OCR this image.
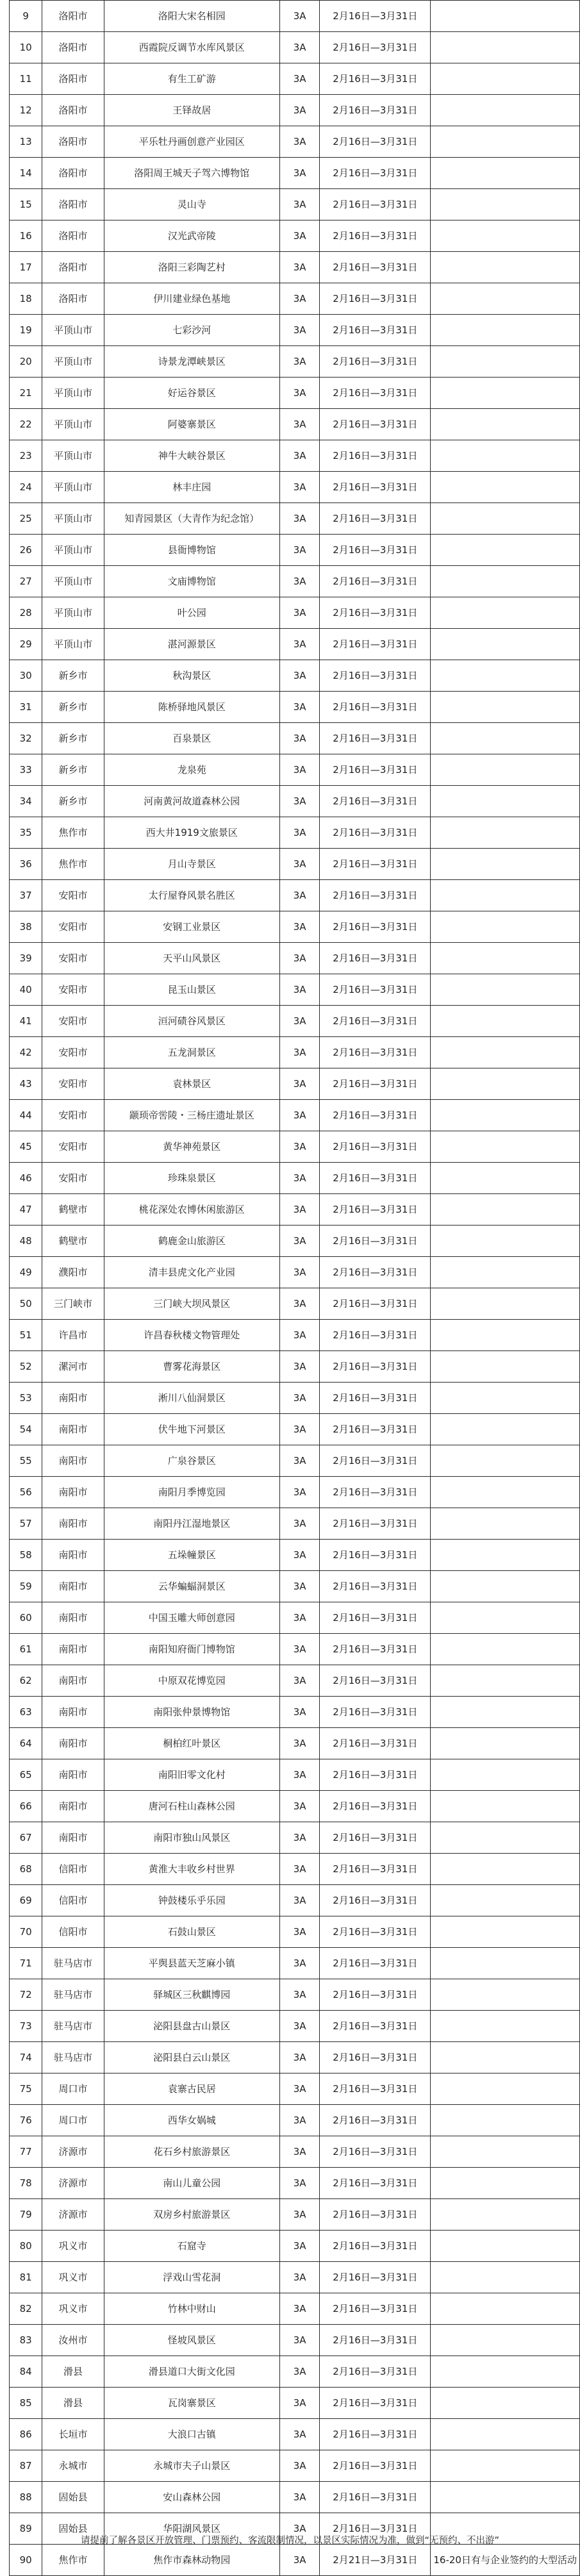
9	洛阳市	洛阳大宋名相园	3A	2月16日—3月31日	
10	洛阳市	西霞院反调节水库风景区	3A	2月16日—3月31日	
11	洛阳市	有生工矿游	3A	2月16日—3月31日	
12	洛阳市	王铎故居	3A	2月16日—3月31日	
13	洛阳市	平乐牡丹画创意产业园区	3A	2月16日—3月31日	
14	洛阳市	洛阳周王城天子驾六博物馆	3A	2月16日—3月31日	
15	洛阳市	灵山寺	3A	2月16日—3月31日	
16	洛阳市	汉光武帝陵	3A	2月16日—3月31日	
17	洛阳市	洛阳三彩陶艺村	3A	2月16日—3月31日	
18	洛阳市	伊川建业绿色基地	3A	2月16日—3月31日	
19	平顶山市	七彩沙河	3A	2月16日—3月31日	
20	平顶山市	诗景龙潭峡景区	3A	2月16日—3月31日	
21	平顶山市	好运谷景区	3A	2月16日—3月31日	
22	平顶山市	阿婆寨景区	3A	2月16日—3月31日	
23	平顶山市	神牛大峡谷景区	3A	2月16日—3月31日	
24	平顶山市	林丰庄园	3A	2月16日—3月31日	
25	平顶山市	知青园景区（大青作为纪念馆）	3A	2月16日—3月31日	
26	平顶山市	县衙博物馆	3A	2月16日—3月31日	
27	平顶山市	文庙博物馆	3A	2月16日—3月31日	
28	平顶山市	叶公园	3A	2月16日—3月31日	
29	平顶山市	湛河源景区	3A	2月16日—3月31日	
30	新乡市	秋沟景区	3A	2月16日—3月31日	
31	新乡市	陈桥驿地风景区	3A	2月16日—3月31日	
32	新乡市	百泉景区	3A	2月16日—3月31日	
33	新乡市	龙泉苑	3A	2月16日—3月31日	
34	新乡市	河南黄河故道森林公园	3A	2月16日—3月31日	
35	焦作市	西大井1919文旅景区	3A	2月16日—3月31日	
36	焦作市	月山寺景区	3A	2月16日—3月31日	
37	安阳市	太行屋脊风景名胜区	3A	2月16日—3月31日	
38	安阳市	安钢工业景区	3A	2月16日—3月31日	
39	安阳市	天平山风景区	3A	2月16日—3月31日	
40	安阳市	昆玉山景区	3A	2月16日—3月31日	
41	安阳市	洹河碛谷风景区	3A	2月16日—3月31日	
42	安阳市	五龙洞景区	3A	2月16日—3月31日	
43	安阳市	袁林景区	3A	2月16日—3月31日	
44	安阳市	颛顼帝喾陵・三杨庄遗址景区	3A	2月16日—3月31日	
45	安阳市	黄华神苑景区	3A	2月16日—3月31日	
46	安阳市	珍珠泉景区	3A	2月16日—3月31日	
47	鹤壁市	桃花深处农博休闲旅游区	3A	2月16日—3月31日	
48	鹤壁市	鹤鹿金山旅游区	3A	2月16日—3月31日	
49	濮阳市	清丰县虎文化产业园	3A	2月16日—3月31日	
50	三门峡市	三门峡大坝风景区	3A	2月16日—3月31日	
51	许昌市	许昌春秋楼文物管理处	3A	2月16日—3月31日	
52	漯河市	曹雾花海景区	3A	2月16日—3月31日	
53	南阳市	淅川八仙洞景区	3A	2月16日—3月31日	
54	南阳市	伏牛地下河景区	3A	2月16日—3月31日	
55	南阳市	广泉谷景区	3A	2月16日—3月31日	
56	南阳市	南阳月季博览园	3A	2月16日—3月31日	
57	南阳市	南阳丹江湿地景区	3A	2月16日—3月31日	
58	南阳市	五垛幢景区	3A	2月16日—3月31日	
59	南阳市	云华蝙蝠洞景区	3A	2月16日—3月31日	
60	南阳市	中国玉雕大师创意园	3A	2月16日—3月31日	
61	南阳市	南阳知府衙门博物馆	3A	2月16日—3月31日	
62	南阳市	中原双花博览园	3A	2月16日—3月31日	
63	南阳市	南阳张仲景博物馆	3A	2月16日—3月31日	
64	南阳市	桐柏红叶景区	3A	2月16日—3月31日	
65	南阳市	南阳旧零文化村	3A	2月16日—3月31日	
66	南阳市	唐河石柱山森林公园	3A	2月16日—3月31日	
67	南阳市	南阳市独山风景区	3A	2月16日—3月31日	
68	信阳市	黄淮大丰收乡村世界	3A	2月16日—3月31日	
69	信阳市	钟鼓楼乐乎乐园	3A	2月16日—3月31日	
70	信阳市	石鼓山景区	3A	2月16日—3月31日	
71	驻马店市	平舆县蓝天芝麻小镇	3A	2月16日—3月31日	
72	驻马店市	驿城区三秋麒博园	3A	2月16日—3月31日	
73	驻马店市	泌阳县盘古山景区	3A	2月16日—3月31日	
74	驻马店市	泌阳县白云山景区	3A	2月16日—3月31日	
75	周口市	袁寨古民居	3A	2月16日—3月31日	
76	周口市	西华女娲城	3A	2月16日—3月31日	
77	济源市	花石乡村旅游景区	3A	2月16日—3月31日	
78	济源市	南山儿童公园	3A	2月16日—3月31日	
79	济源市	双房乡村旅游景区	3A	2月16日—3月31日	
80	巩义市	石窟寺	3A	2月16日—3月31日	
81	巩义市	浮戏山雪花洞	3A	2月16日—3月31日	
82	巩义市	竹林中财山	3A	2月16日—3月31日	
83	汝州市	怪坡风景区	3A	2月16日—3月31日	
84	滑县	滑县道口大街文化园	3A	2月16日—3月31日	
85	滑县	瓦岗寨景区	3A	2月16日—3月31日	
86	长垣市	大浪口古镇	3A	2月16日—3月31日	
87	永城市	永城市夫子山景区	3A	2月16日—3月31日	
88	固始县	安山森林公园	3A	2月16日—3月31日	
89	固始县	华阳湖风景区	3A	2月16日—3月31日	
90	焦作市	焦作市森林动物园	3A	2月21日—3月31日	16-20日有与企业签约的大型活动
请提前了解各景区开放管理、门票预约、客流限制情况，以景区实际情况为准，做到“无预约、不出游”
